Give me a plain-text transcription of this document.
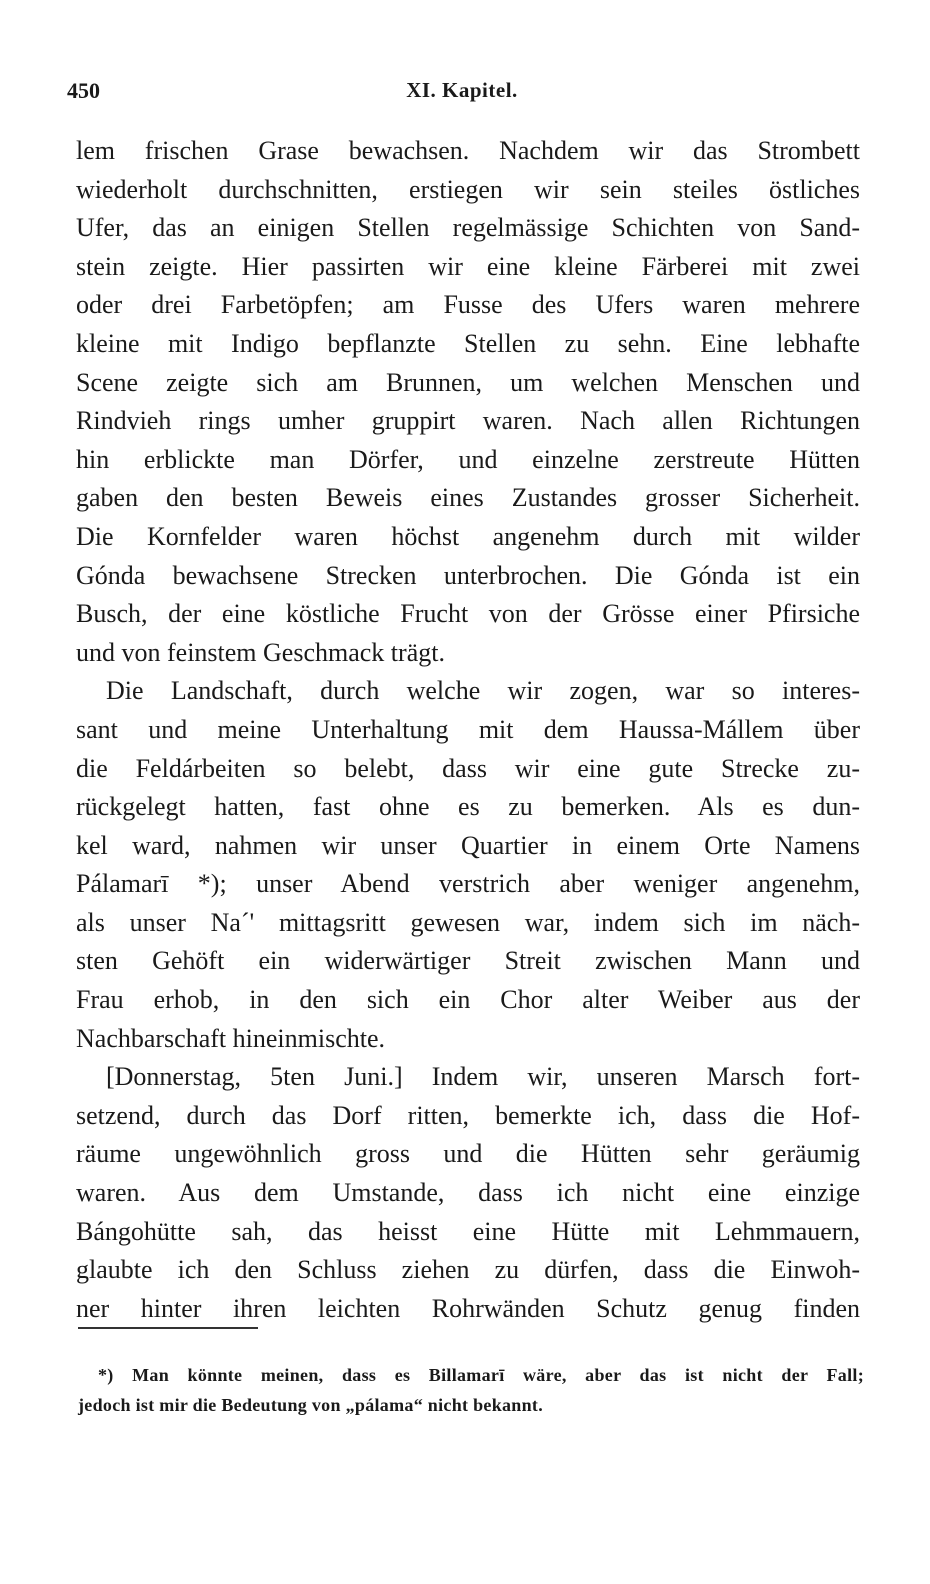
450	XI. Kapitel.
lem frischen Grase bewachsen. Nachdem wir das Strombett
wiederholt durchschnitten, erstiegen wir sein steiles östliches
Ufer, das an einigen Stellen regelmässige Schichten von Sand-
stein zeigte. Hier passirten wir eine kleine Färberei mit zwei
oder drei Farbetöpfen; am Fusse des Ufers waren mehrere
kleine mit Indigo bepflanzte Stellen zu sehn. Eine lebhafte
Scene zeigte sich am Brunnen, um welchen Menschen und
Rindvieh rings umher gruppirt waren. Nach allen Richtungen
hin erblickte man Dörfer, und einzelne zerstreute Hütten
gaben den besten Beweis eines Zustandes grosser Sicherheit.
Die Kornfelder waren höchst angenehm durch mit wilder
Gónda bewachsene Strecken unterbrochen. Die Gónda ist ein
Busch, der eine köstliche Frucht von der Grösse einer Pfirsiche
und von feinstem Geschmack trägt.
Die Landschaft, durch welche wir zogen, war so interes-
sant und meine Unterhaltung mit dem Haussa-Mállem über
die Feldárbeiten so belebt, dass wir eine gute Strecke zu-
rückgelegt hatten, fast ohne es zu bemerken. Als es dun-
kel ward, nahmen wir unser Quartier in einem Orte Namens
Pálamarī *); unser Abend verstrich aber weniger angenehm,
als unser Na´' mittagsritt gewesen war, indem sich im näch-
sten Gehöft ein widerwärtiger Streit zwischen Mann und
Frau erhob, in den sich ein Chor alter Weiber aus der
Nachbarschaft hineinmischte.
[Donnerstag, 5ten Juni.] Indem wir, unseren Marsch fort-
setzend, durch das Dorf ritten, bemerkte ich, dass die Hof-
räume ungewöhnlich gross und die Hütten sehr geräumig
waren. Aus dem Umstande, dass ich nicht eine einzige
Bángohütte sah, das heisst eine Hütte mit Lehmmauern,
glaubte ich den Schluss ziehen zu dürfen, dass die Einwoh-
ner hinter ihren leichten Rohrwänden Schutz genug finden
*) Man könnte meinen, dass es Billamarī wäre, aber das ist nicht der Fall;
jedoch ist mir die Bedeutung von „pálama“ nicht bekannt.
